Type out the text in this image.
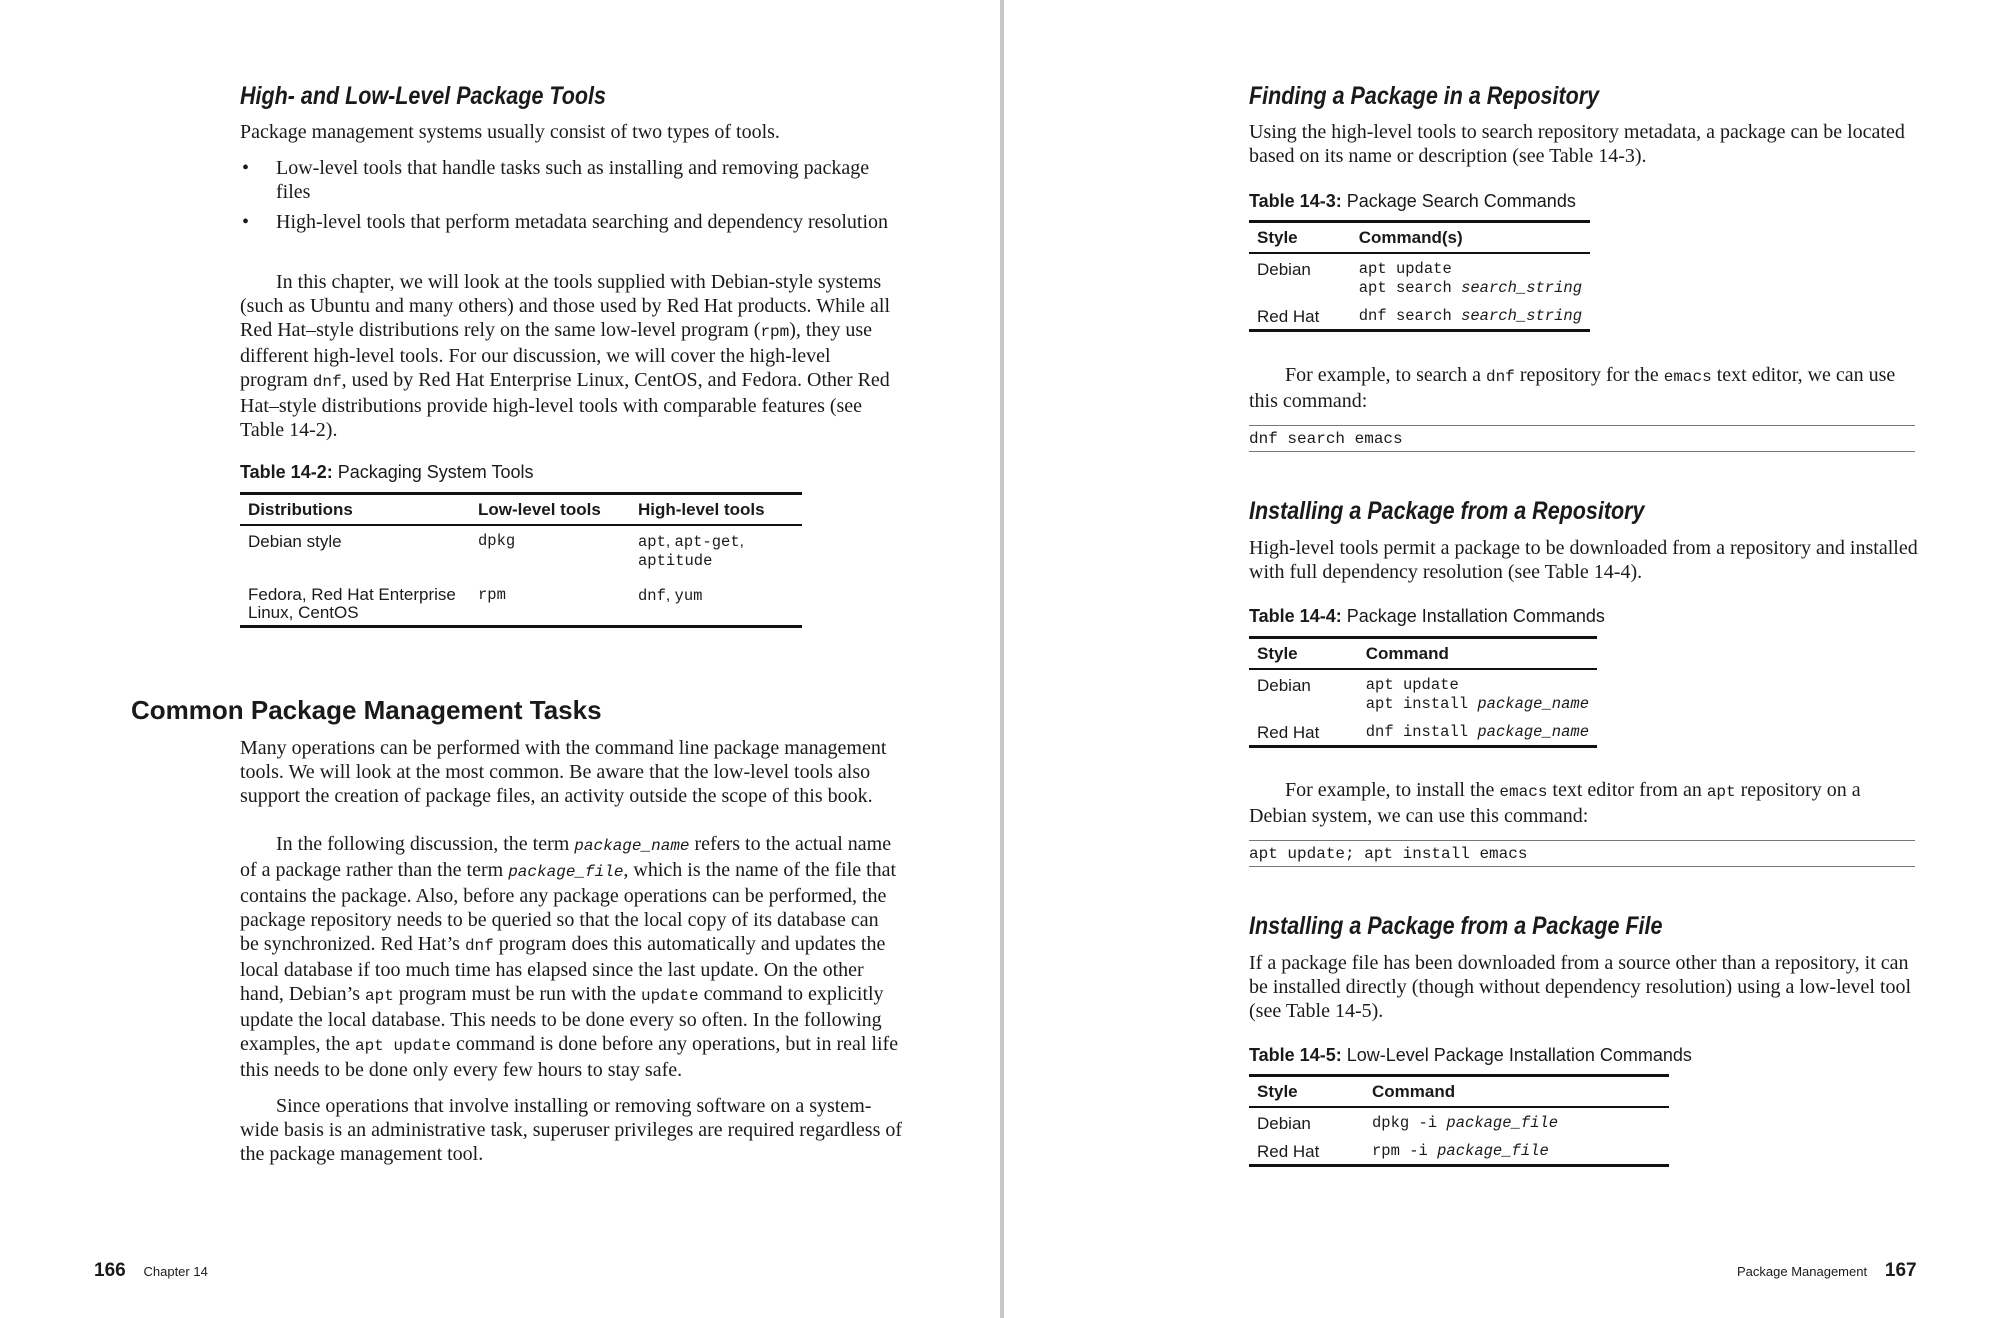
High- and Low-Level Package Tools

Package management systems usually consist of two types of tools.

• Low-level tools that handle tasks such as installing and removing package files
• High-level tools that perform metadata searching and dependency resolution

In this chapter, we will look at the tools supplied with Debian-style systems (such as Ubuntu and many others) and those used by Red Hat products. While all Red Hat–style distributions rely on the same low-level program (rpm), they use different high-level tools. For our discussion, we will cover the high-level program dnf, used by Red Hat Enterprise Linux, CentOS, and Fedora. Other Red Hat–style distributions provide high-level tools with comparable features (see Table 14-2).

Table 14-2: Packaging System Tools

Distributions	Low-level tools	High-level tools
Debian style	dpkg	apt, apt-get,
aptitude
Fedora, Red Hat Enterprise Linux, CentOS	rpm	dnf, yum
Common Package Management Tasks

Many operations can be performed with the command line package management tools. We will look at the most common. Be aware that the low-level tools also support the creation of package files, an activity outside the scope of this book.

In the following discussion, the term package_name refers to the actual name of a package rather than the term package_file, which is the name of the file that contains the package. Also, before any package operations can be performed, the package repository needs to be queried so that the local copy of its database can be synchronized. Red Hat’s dnf program does this automatically and updates the local database if too much time has elapsed since the last update. On the other hand, Debian’s apt program must be run with the update command to explicitly update the local database. This needs to be done every so often. In the following examples, the apt update command is done before any operations, but in real life this needs to be done only every few hours to stay safe.

Since operations that involve installing or removing software on a system-wide basis is an administrative task, superuser privileges are required regardless of the package management tool.

166 Chapter 14

Finding a Package in a Repository

Using the high-level tools to search repository metadata, a package can be located based on its name or description (see Table 14-3).

Table 14-3: Package Search Commands

Style	Command(s)
Debian	apt update
apt search search_string

Red Hat	dnf search search_string

For example, to search a dnf repository for the emacs text editor, we can use this command:

dnf search emacs
Installing a Package from a Repository

High-level tools permit a package to be downloaded from a repository and installed with full dependency resolution (see Table 14-4).

Table 14-4: Package Installation Commands

Style	Command
Debian	apt update
apt install package_name

Red Hat	dnf install package_name

For example, to install the emacs text editor from an apt repository on a Debian system, we can use this command:

apt update; apt install emacs
Installing a Package from a Package File

If a package file has been downloaded from a source other than a repository, it can be installed directly (though without dependency resolution) using a low-level tool (see Table 14-5).

Table 14-5: Low-Level Package Installation Commands

Style	Command
Debian	dpkg -i package_file

Red Hat	rpm -i package_file

Package Management 167
